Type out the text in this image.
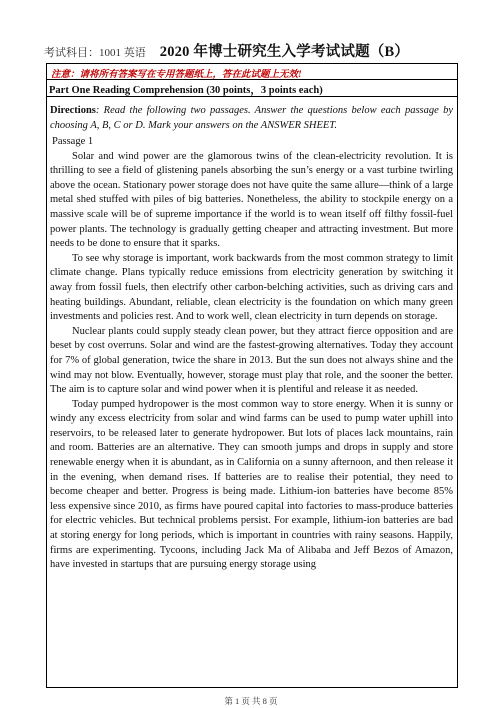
考试科目：1001 英语 2020 年博士研究生入学考试试题（B）
注意：请将所有答案写在专用答题纸上，答在此试题上无效!
Part One Reading Comprehension (30 points，3 points each)
Directions: Read the following two passages. Answer the questions below each passage by choosing A, B, C or D. Mark your answers on the ANSWER SHEET.
Passage 1

Solar and wind power are the glamorous twins of the clean-electricity revolution. It is thrilling to see a field of glistening panels absorbing the sun’s energy or a vast turbine twirling above the ocean. Stationary power storage does not have quite the same allure—think of a large metal shed stuffed with piles of big batteries. Nonetheless, the ability to stockpile energy on a massive scale will be of supreme importance if the world is to wean itself off filthy fossil-fuel power plants. The technology is gradually getting cheaper and attracting investment. But more needs to be done to ensure that it sparks.

To see why storage is important, work backwards from the most common strategy to limit climate change. Plans typically reduce emissions from electricity generation by switching it away from fossil fuels, then electrify other carbon-belching activities, such as driving cars and heating buildings. Abundant, reliable, clean electricity is the foundation on which many green investments and policies rest. And to work well, clean electricity in turn depends on storage.

Nuclear plants could supply steady clean power, but they attract fierce opposition and are beset by cost overruns. Solar and wind are the fastest-growing alternatives. Today they account for 7% of global generation, twice the share in 2013. But the sun does not always shine and the wind may not blow. Eventually, however, storage must play that role, and the sooner the better. The aim is to capture solar and wind power when it is plentiful and release it as needed.

Today pumped hydropower is the most common way to store energy. When it is sunny or windy any excess electricity from solar and wind farms can be used to pump water uphill into reservoirs, to be released later to generate hydropower. But lots of places lack mountains, rain and room. Batteries are an alternative. They can smooth jumps and drops in supply and store renewable energy when it is abundant, as in California on a sunny afternoon, and then release it in the evening, when demand rises. If batteries are to realise their potential, they need to become cheaper and better. Progress is being made. Lithium-ion batteries have become 85% less expensive since 2010, as firms have poured capital into factories to mass-produce batteries for electric vehicles. But technical problems persist. For example, lithium-ion batteries are bad at storing energy for long periods, which is important in countries with rainy seasons. Happily, firms are experimenting. Tycoons, including Jack Ma of Alibaba and Jeff Bezos of Amazon, have invested in startups that are pursuing energy storage using

第 1 页 共 8 页
